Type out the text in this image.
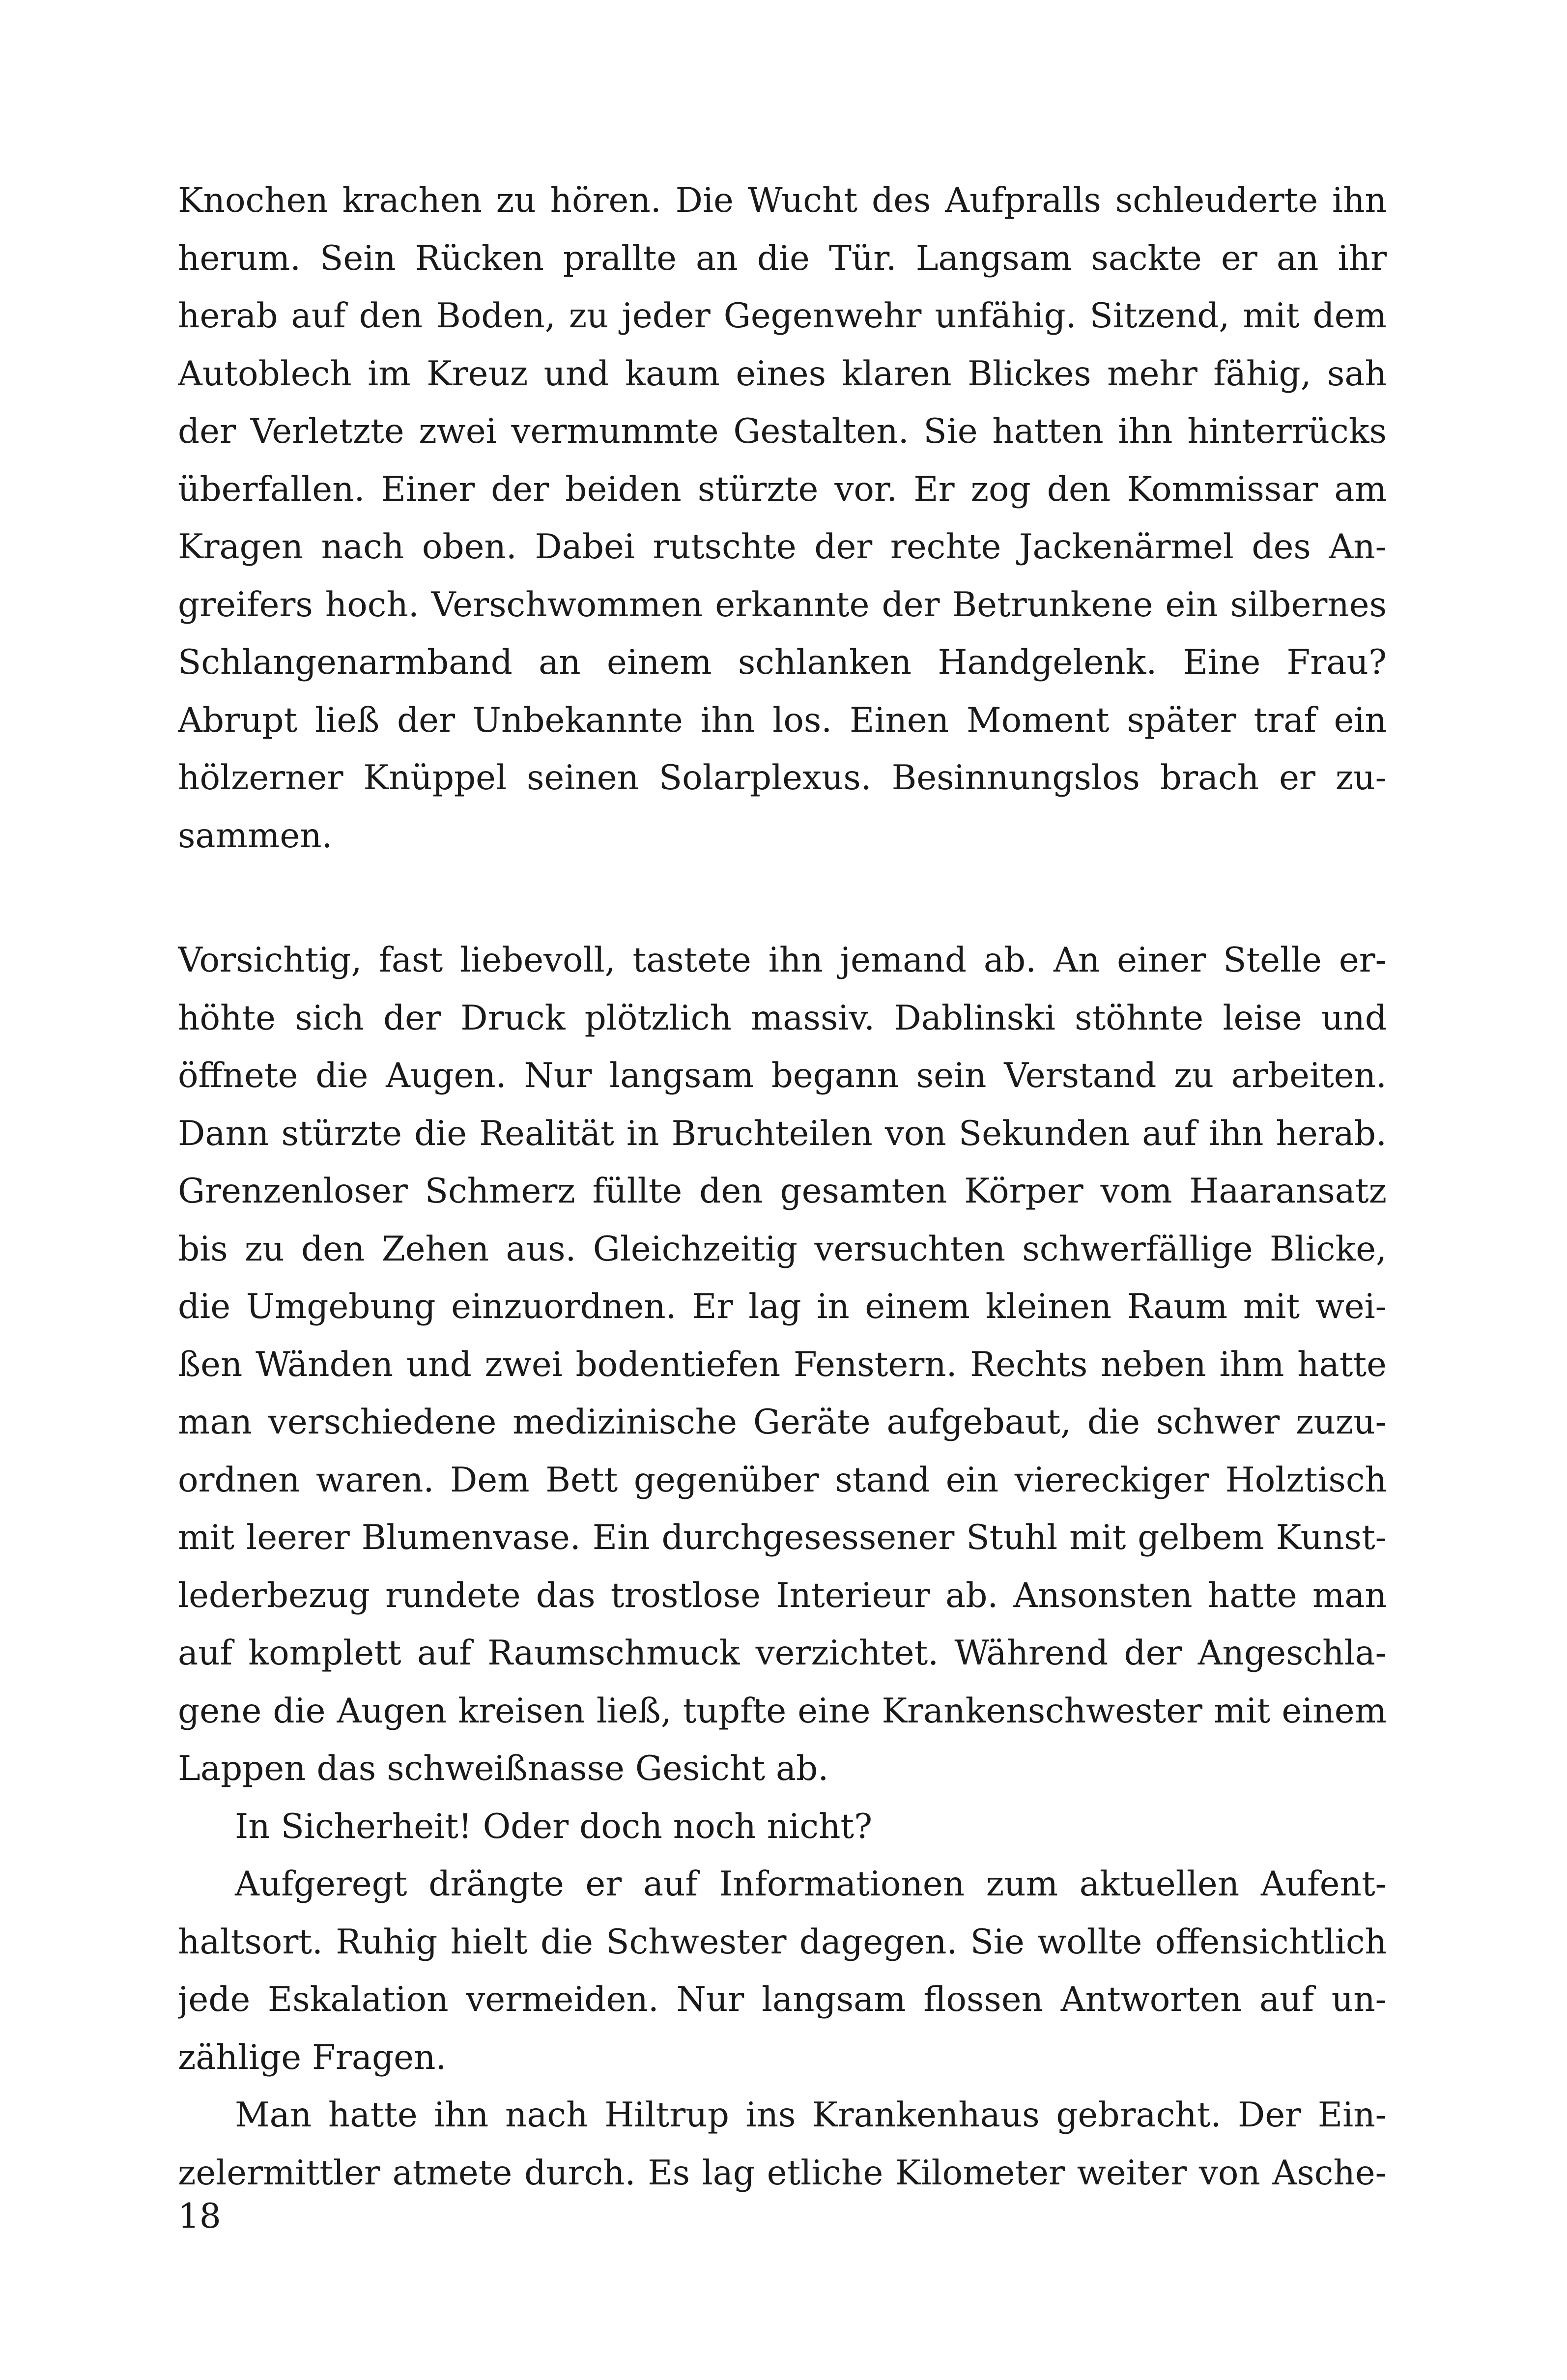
Knochen krachen zu hören. Die Wucht des Aufpralls schleuderte ihn
herum. Sein Rücken prallte an die Tür. Langsam sackte er an ihr
herab auf den Boden, zu jeder Gegenwehr unfähig. Sitzend, mit dem
Autoblech im Kreuz und kaum eines klaren Blickes mehr fähig, sah
der Verletzte zwei vermummte Gestalten. Sie hatten ihn hinterrücks
überfallen. Einer der beiden stürzte vor. Er zog den Kommissar am
Kragen nach oben. Dabei rutschte der rechte Jackenärmel des An-
greifers hoch. Verschwommen erkannte der Betrunkene ein silbernes
Schlangenarmband an einem schlanken Handgelenk. Eine Frau?
Abrupt ließ der Unbekannte ihn los. Einen Moment später traf ein
hölzerner Knüppel seinen Solarplexus. Besinnungslos brach er zu-
sammen.
Vorsichtig, fast liebevoll, tastete ihn jemand ab. An einer Stelle er-
höhte sich der Druck plötzlich massiv. Dablinski stöhnte leise und
öffnete die Augen. Nur langsam begann sein Verstand zu arbeiten.
Dann stürzte die Realität in Bruchteilen von Sekunden auf ihn herab.
Grenzenloser Schmerz füllte den gesamten Körper vom Haaransatz
bis zu den Zehen aus. Gleichzeitig versuchten schwerfällige Blicke,
die Umgebung einzuordnen. Er lag in einem kleinen Raum mit wei-
ßen Wänden und zwei bodentiefen Fenstern. Rechts neben ihm hatte
man verschiedene medizinische Geräte aufgebaut, die schwer zuzu-
ordnen waren. Dem Bett gegenüber stand ein viereckiger Holztisch
mit leerer Blumenvase. Ein durchgesessener Stuhl mit gelbem Kunst-
lederbezug rundete das trostlose Interieur ab. Ansonsten hatte man
auf komplett auf Raumschmuck verzichtet. Während der Angeschla-
gene die Augen kreisen ließ, tupfte eine Krankenschwester mit einem
Lappen das schweißnasse Gesicht ab.
In Sicherheit! Oder doch noch nicht?
Aufgeregt drängte er auf Informationen zum aktuellen Aufent-
haltsort. Ruhig hielt die Schwester dagegen. Sie wollte offensichtlich
jede Eskalation vermeiden. Nur langsam flossen Antworten auf un-
zählige Fragen.
Man hatte ihn nach Hiltrup ins Krankenhaus gebracht. Der Ein-
zelermittler atmete durch. Es lag etliche Kilometer weiter von Asche-
18
